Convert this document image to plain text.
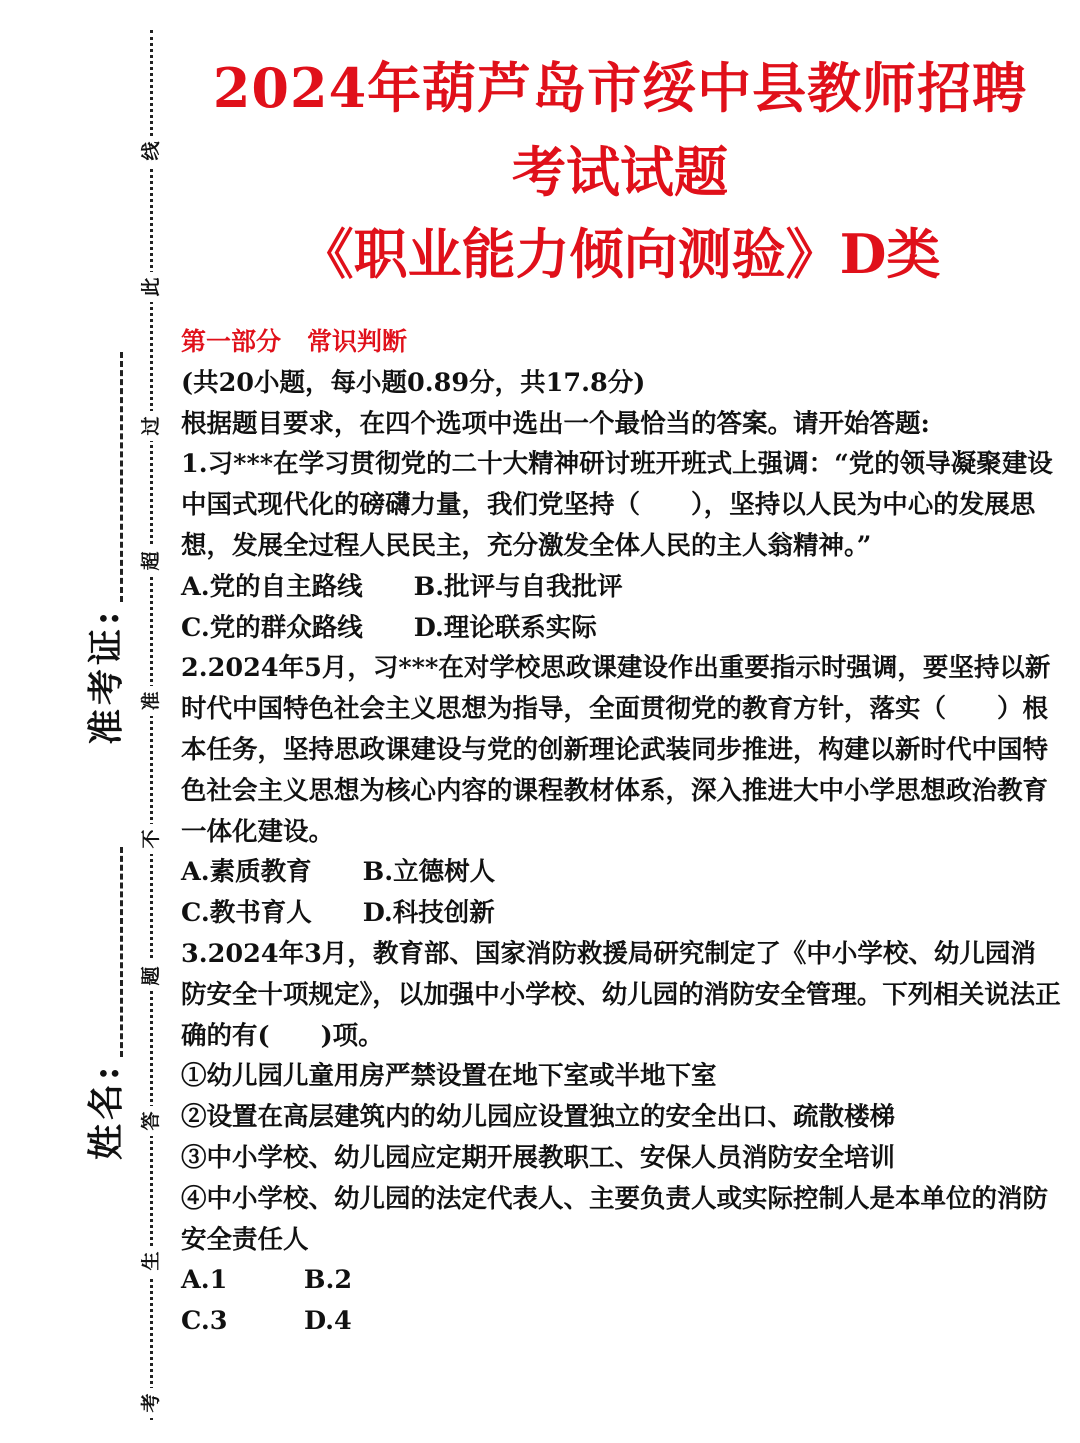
线
此
过
超
准
不
题
答
生
考
准考证:
姓名:
2024年葫芦岛市绥中县教师招聘
考试试题
《职业能力倾向测验》D类

第一部分 常识判断

(共20小题，每小题0.89分，共17.8分)

根据题目要求，在四个选项中选出一个最恰当的答案。请开始答题:

1.习***在学习贯彻党的二十大精神研讨班开班式上强调：“党的领导凝聚建设中国式现代化的磅礴力量，我们党坚持（　　），坚持以人民为中心的发展思想，发展全过程人民民主，充分激发全体人民的主人翁精神。”

A.党的自主路线　　B.批评与自我批评
C.党的群众路线　　D.理论联系实际

2.2024年5月，习***在对学校思政课建设作出重要指示时强调，要坚持以新时代中国特色社会主义思想为指导，全面贯彻党的教育方针，落实（　　）根本任务，坚持思政课建设与党的创新理论武装同步推进，构建以新时代中国特色社会主义思想为核心内容的课程教材体系，深入推进大中小学思想政治教育一体化建设。

A.素质教育　　B.立德树人
C.教书育人　　D.科技创新

3.2024年3月，教育部、国家消防救援局研究制定了《中小学校、幼儿园消防安全十项规定》，以加强中小学校、幼儿园的消防安全管理。下列相关说法正确的有(　　)项。

①幼儿园儿童用房严禁设置在地下室或半地下室

②设置在高层建筑内的幼儿园应设置独立的安全出口、疏散楼梯

③中小学校、幼儿园应定期开展教职工、安保人员消防安全培训

④中小学校、幼儿园的法定代表人、主要负责人或实际控制人是本单位的消防安全责任人

A.1　　　B.2
C.3　　　D.4
